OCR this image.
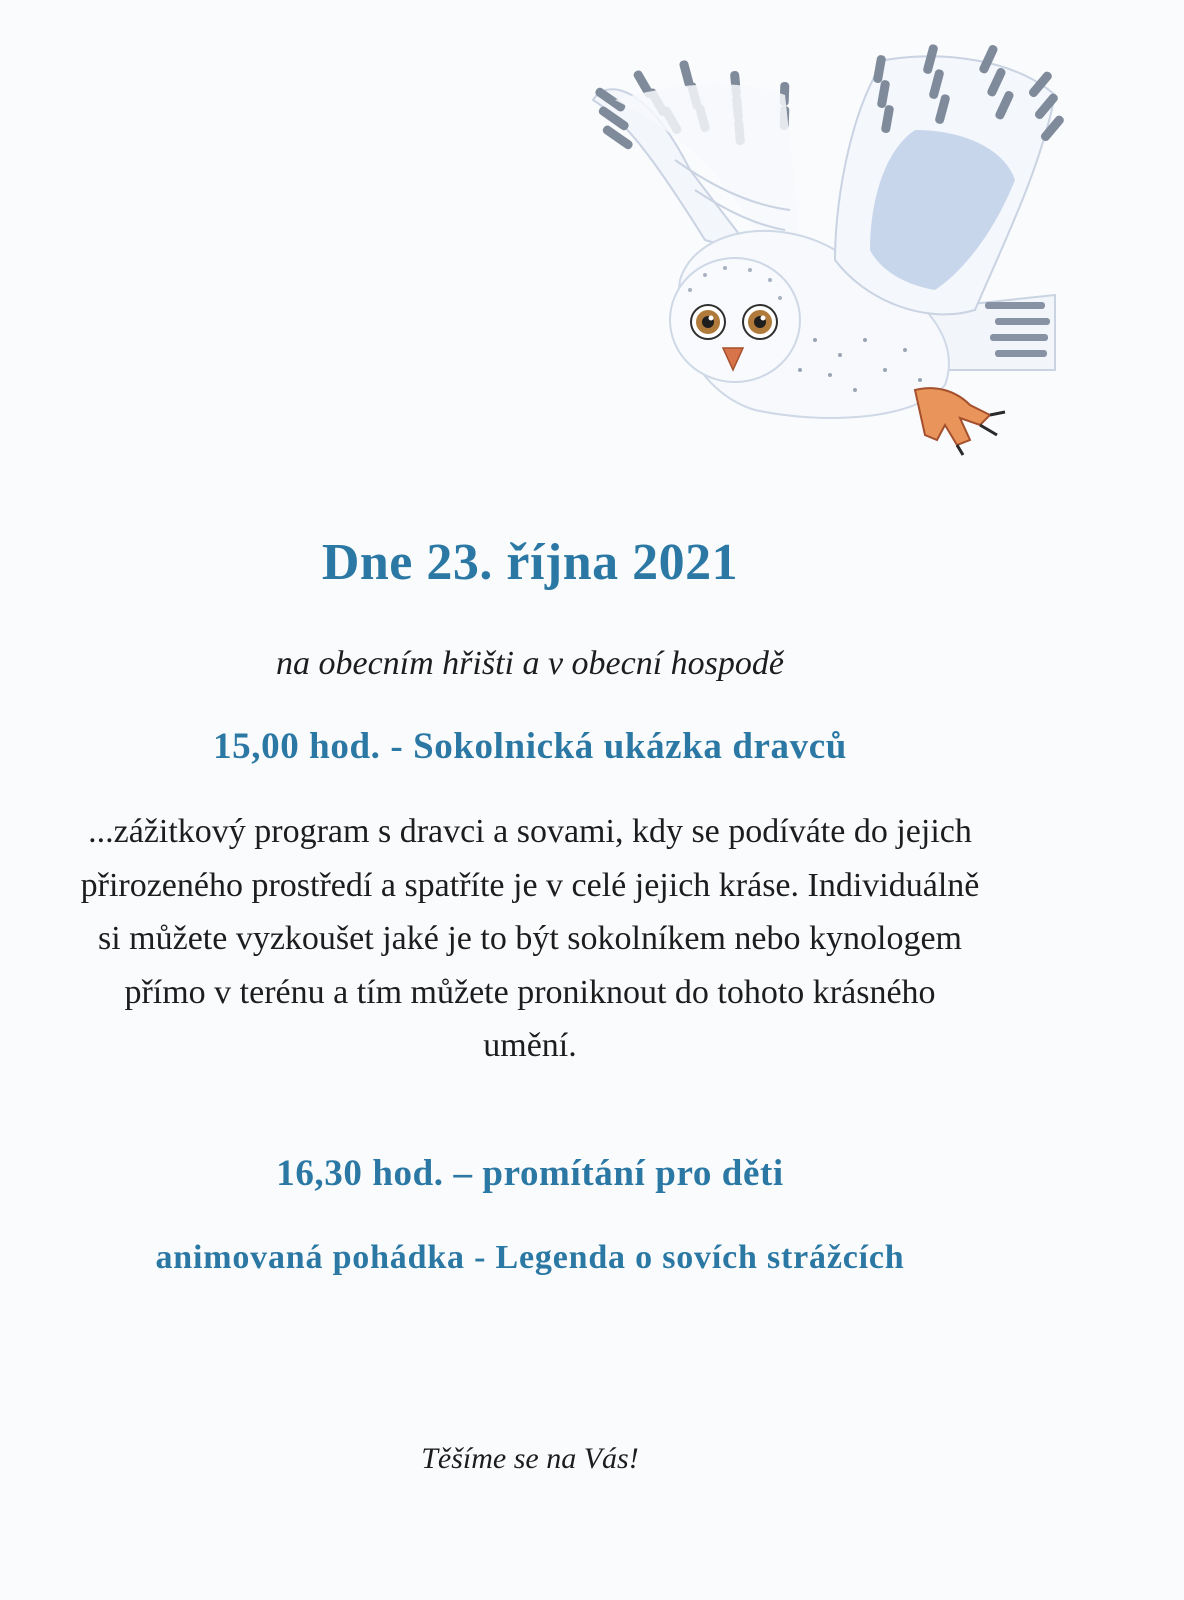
Dne 23. října 2021

na obecním hřišti a v obecní hospodě

15,00 hod. - Sokolnická ukázka dravců

...zážitkový program s dravci a sovami, kdy se podíváte do jejich přirozeného prostředí a spatříte je v celé jejich kráse. Individuálně si můžete vyzkoušet jaké je to být sokolníkem nebo kynologem přímo v terénu a tím můžete proniknout do tohoto krásného umění.

16,30 hod. – promítání pro děti

animovaná pohádka - Legenda o sovích strážcích

Těšíme se na Vás!
